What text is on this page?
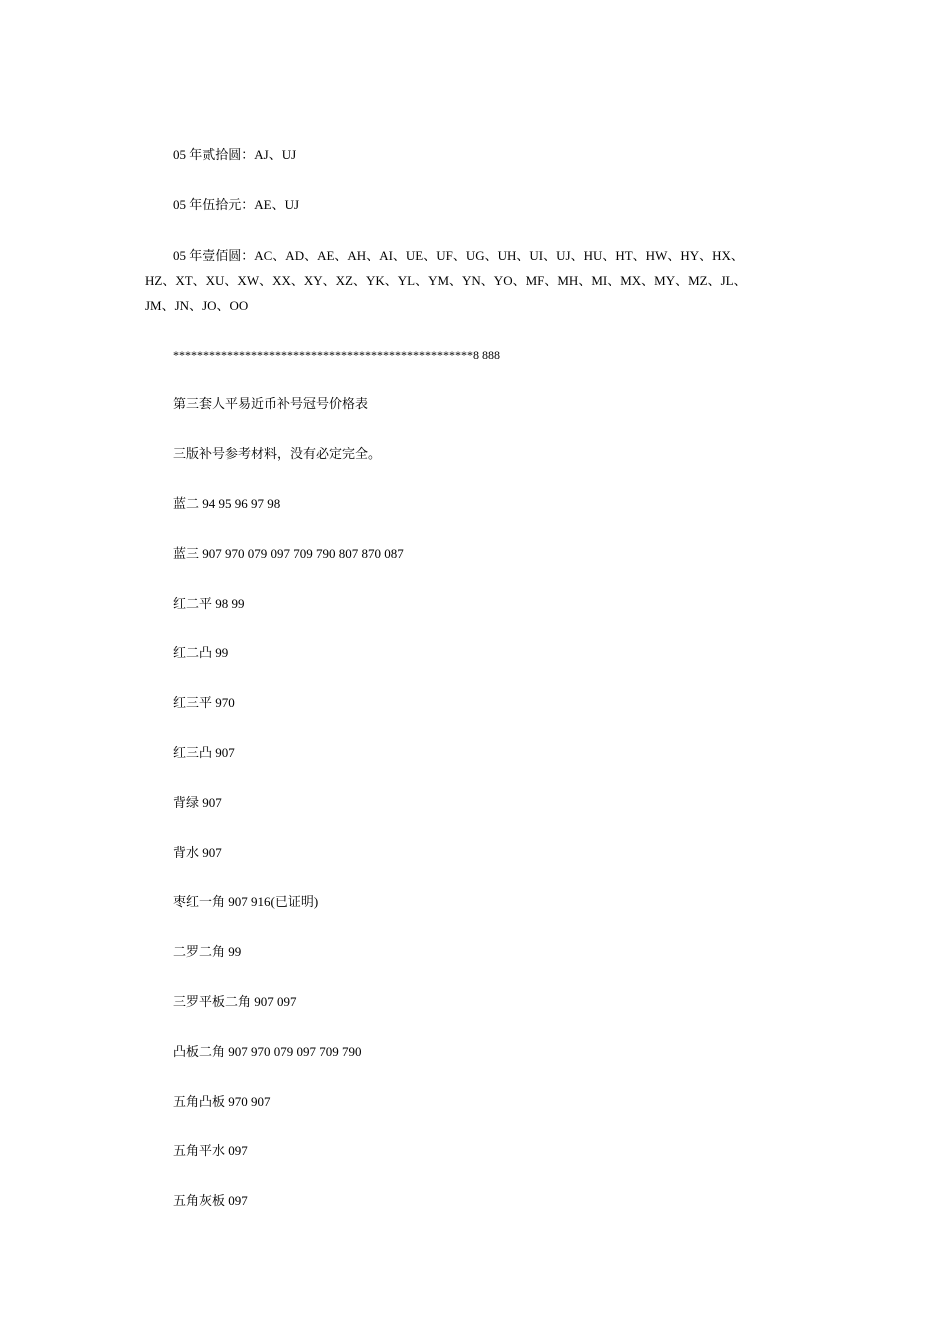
05 年贰拾圆：AJ、UJ
05 年伍拾元：AE、UJ
05 年壹佰圆：AC、AD、AE、AH、AI、UE、UF、UG、UH、UI、UJ、HU、HT、HW、HY、HX、
HZ、XT、XU、XW、XX、XY、XZ、YK、YL、YM、YN、YO、MF、MH、MI、MX、MY、MZ、JL、
JM、JN、JO、OO
**************************************************8 888
第三套人平易近币补号冠号价格表
三版补号参考材料，没有必定完全。
蓝二 94 95 96 97 98
蓝三 907 970 079 097 709 790 807 870 087
红二平 98 99
红二凸 99
红三平 970
红三凸 907
背绿 907
背水 907
枣红一角 907 916(已证明)
二罗二角 99
三罗平板二角 907 097
凸板二角 907 970 079 097 709 790
五角凸板 970 907
五角平水 097
五角灰板 097
